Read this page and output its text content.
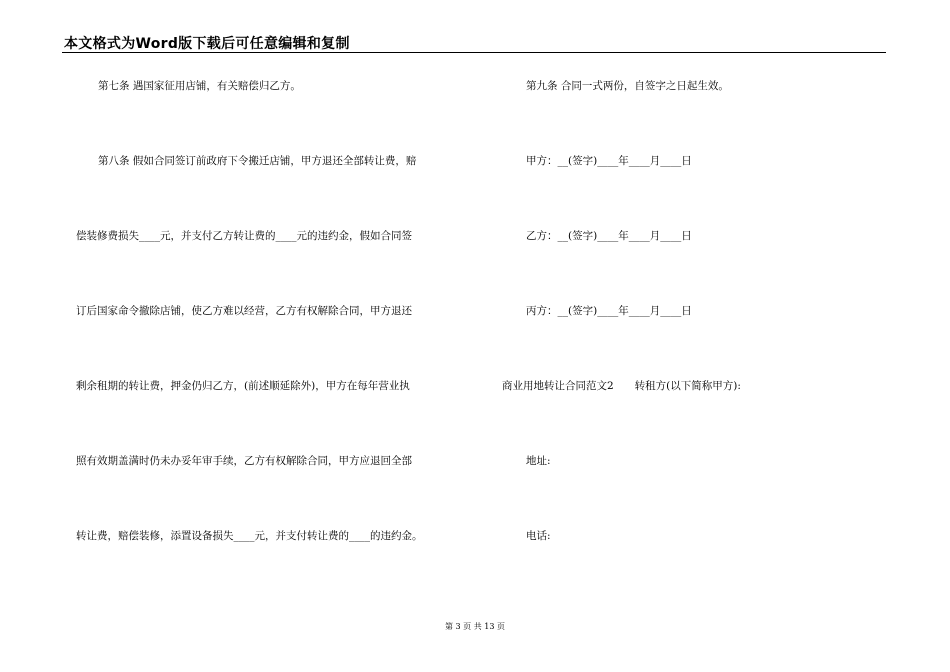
本文格式为Word版下载后可任意编辑和复制
第七条 遇国家征用店铺，有关赔偿归乙方。
第八条 假如合同签订前政府下令搬迁店铺，甲方退还全部转让费，赔
偿装修费损失____元，并支付乙方转让费的____元的违约金，假如合同签
订后国家命令撤除店铺，使乙方难以经营，乙方有权解除合同，甲方退还
剩余租期的转让费，押金仍归乙方，(前述顺延除外)，甲方在每年营业执
照有效期盖满时仍未办妥年审手续，乙方有权解除合同，甲方应退回全部
转让费，赔偿装修，添置设备损失____元，并支付转让费的____的违约金。
第九条 合同一式两份，自签字之日起生效。
甲方：__(签字)____年____月____日
乙方：__(签字)____年____月____日
丙方：__(签字)____年____月____日
商业用地转让合同范文2　　转租方(以下简称甲方):
地址:
电话:
第 3 页 共 13 页
